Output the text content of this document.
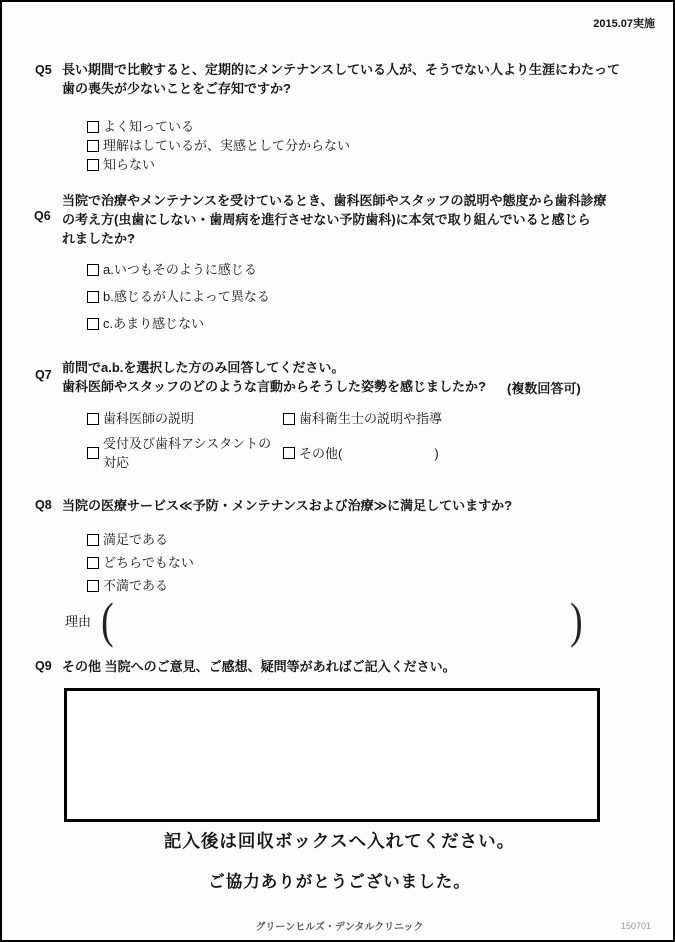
2015.07実施
Q5 長い期間で比較すると、定期的にメンテナンスしている人が、そうでない人より生涯にわたって
歯の喪失が少ないことをご存知ですか?
よく知っている
理解はしているが、実感として分からない
知らない
Q6
当院で治療やメンテナンスを受けているとき、歯科医師やスタッフの説明や態度から歯科診療
の考え方(虫歯にしない・歯周病を進行させない予防歯科)に本気で取り組んでいると感じら
れましたか?
a.いつもそのように感じる
b.感じるが人によって異なる
c.あまり感じない
Q7 前問でa.b.を選択した方のみ回答してください。
歯科医師やスタッフのどのような言動からそうした姿勢を感じましたか?	(複数回答可)
歯科医師の説明	歯科衛生士の説明や指導
受付及び歯科アシスタントの対応
その他(	)
Q8 当院の医療サービス≪予防・メンテナンスおよび治療≫に満足していますか?
満足である
どちらでもない
不満である
理由 (	)
Q9 その他 当院へのご意見、ご感想、疑問等があればご記入ください。
記入後は回収ボックスへ入れてください。
ご協力ありがとうございました。
グリーンヒルズ・デンタルクリニック	150701
